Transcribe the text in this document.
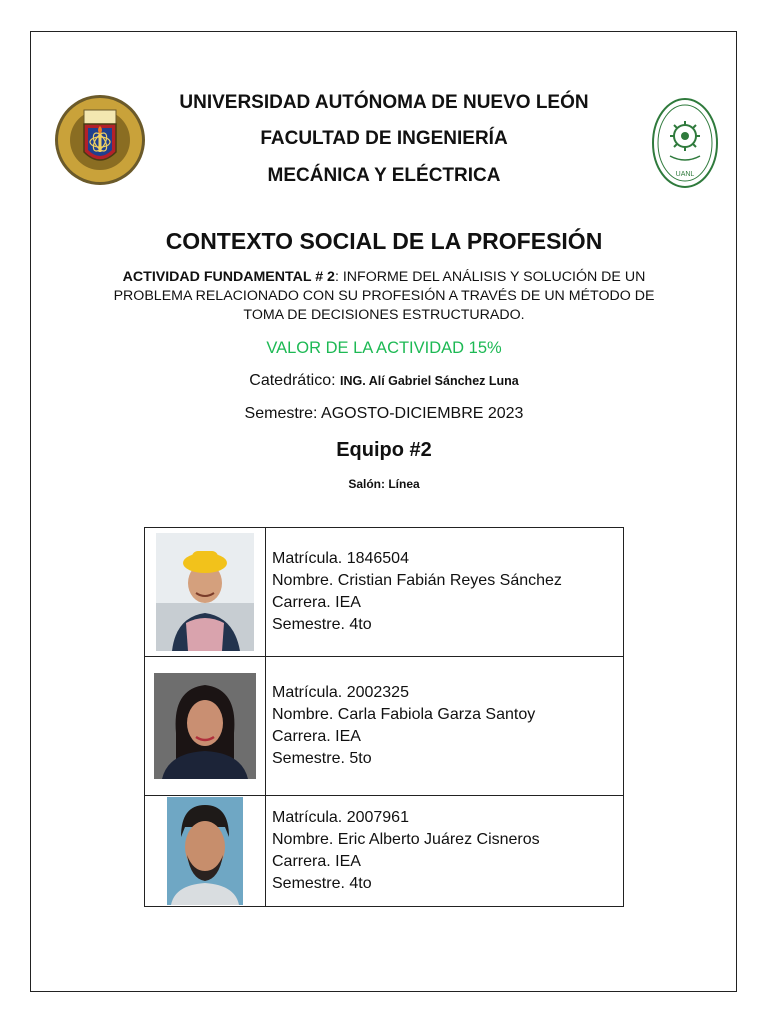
UANL
UNIVERSIDAD AUTÓNOMA DE NUEVO LEÓN
FACULTAD DE INGENIERÍA
MECÁNICA Y ELÉCTRICA
CONTEXTO SOCIAL DE LA PROFESIÓN
ACTIVIDAD FUNDAMENTAL # 2: INFORME DEL ANÁLISIS Y SOLUCIÓN DE UN PROBLEMA RELACIONADO CON SU PROFESIÓN A TRAVÉS DE UN MÉTODO DE TOMA DE DECISIONES ESTRUCTURADO.
VALOR DE LA ACTIVIDAD 15%
Catedrático: ING. Alí Gabriel Sánchez Luna
Semestre: AGOSTO-DICIEMBRE 2023
Equipo #2
Salón: Línea

Matrícula. 1846504
Nombre. Cristian Fabián Reyes Sánchez
Carrera. IEA
Semestre. 4to

Matrícula. 2002325
Nombre. Carla Fabiola Garza Santoy
Carrera. IEA
Semestre. 5to

Matrícula. 2007961
Nombre. Eric Alberto Juárez Cisneros
Carrera. IEA
Semestre. 4to
